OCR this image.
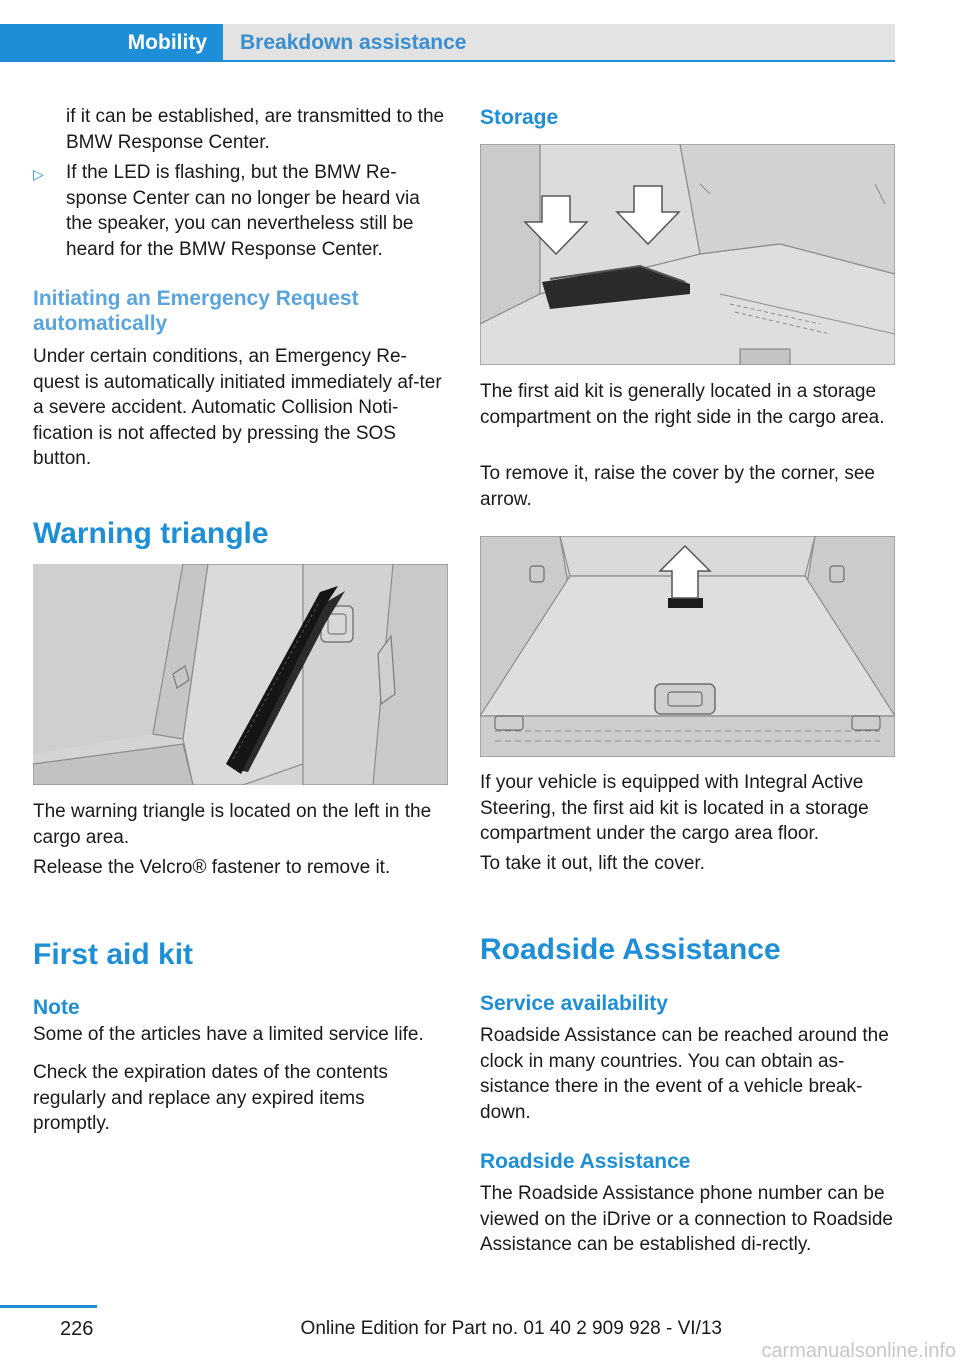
Mobility	Breakdown assistance

if it can be established, are transmitted to the BMW Response Center.

▷ If the LED is flashing, but the BMW Re-sponse Center can no longer be heard via the speaker, you can nevertheless still be heard for the BMW Response Center.

Initiating an Emergency Request

automatically

Under certain conditions, an Emergency Re-quest is automatically initiated immediately af-ter a severe accident. Automatic Collision Noti-fication is not affected by pressing the SOS button.

Warning triangle

The warning triangle is located on the left in the cargo area.

Release the Velcro® fastener to remove it.

First aid kit

Note

Some of the articles have a limited service life.

Check the expiration dates of the contents regularly and replace any expired items promptly.

Storage

The first aid kit is generally located in a storage compartment on the right side in the cargo area.

To remove it, raise the cover by the corner, see arrow.

If your vehicle is equipped with Integral Active Steering, the first aid kit is located in a storage compartment under the cargo area floor.

To take it out, lift the cover.

Roadside Assistance

Service availability

Roadside Assistance can be reached around the clock in many countries. You can obtain as-sistance there in the event of a vehicle break-down.

Roadside Assistance

The Roadside Assistance phone number can be viewed on the iDrive or a connection to Roadside Assistance can be established di-rectly.

226	Online Edition for Part no. 01 40 2 909 928 - VI/13
carmanualsonline.info
